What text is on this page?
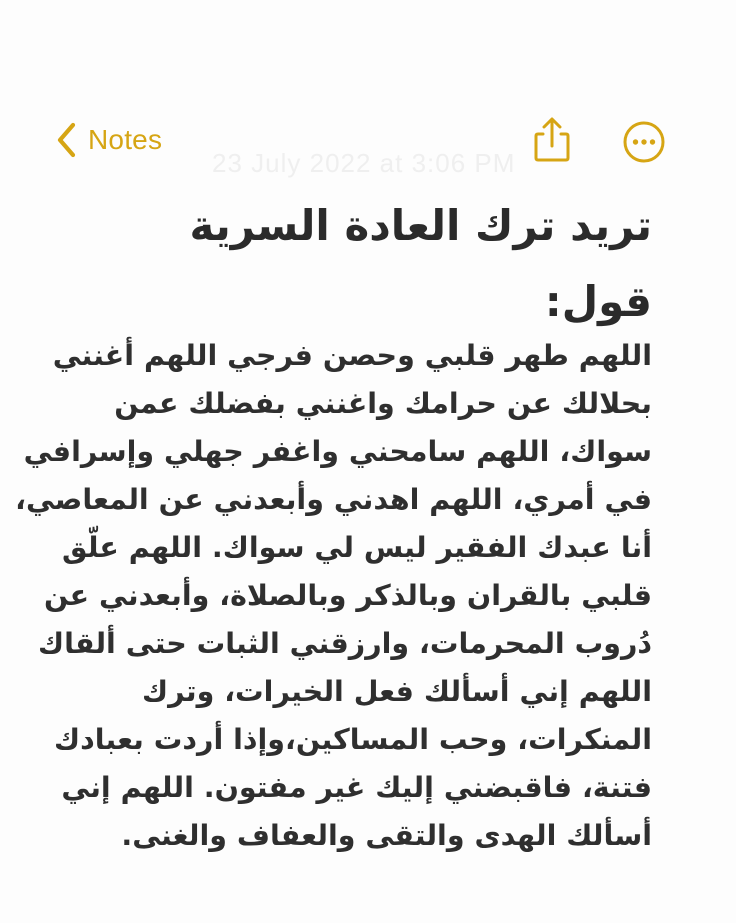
23 July 2022 at 3:06 PM
Notes
تريد ترك العادة السرية
قول:
اللهم طهر قلبي وحصن فرجي اللهم أغنني
بحلالك عن حرامك واغنني بفضلك عمن
سواك، اللهم سامحني واغفر جهلي وإسرافي
في أمري، اللهم اهدني وأبعدني عن المعاصي،
أنا عبدك الفقير ليس لي سواك. اللهم علّق
قلبي بالقران وبالذكر وبالصلاة، وأبعدني عن
دُروب المحرمات، وارزقني الثبات حتى ألقاك
اللهم إني أسألك فعل الخيرات، وترك
المنكرات، وحب المساكين،وإذا أردت بعبادك
فتنة، فاقبضني إليك غير مفتون. اللهم إني
أسألك الهدى والتقى والعفاف والغنى.
